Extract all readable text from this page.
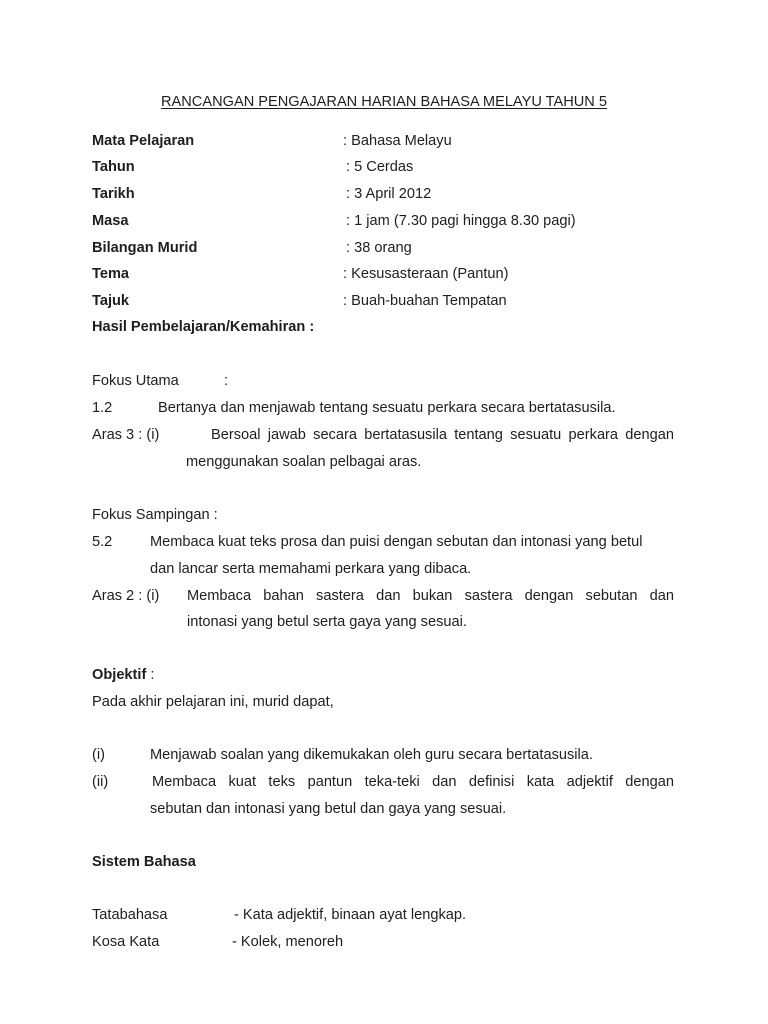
RANCANGAN PENGAJARAN HARIAN BAHASA MELAYU TAHUN 5
Mata Pelajaran	: Bahasa Melayu
Tahun	: 5 Cerdas
Tarikh	: 3 April 2012
Masa	: 1 jam (7.30 pagi hingga 8.30 pagi)
Bilangan Murid	: 38 orang
Tema	: Kesusasteraan (Pantun)
Tajuk	: Buah-buahan Tempatan
Hasil Pembelajaran/Kemahiran :
Fokus Utama	:
1.2	Bertanya dan menjawab tentang sesuatu perkara secara bertatasusila.
Aras 3 : (i)	Bersoal jawab secara bertatasusila tentang sesuatu perkara dengan
menggunakan soalan pelbagai aras.
Fokus Sampingan :
5.2	Membaca kuat teks prosa dan puisi dengan sebutan dan intonasi yang betul
dan lancar serta memahami perkara yang dibaca.
Aras 2 : (i) Membaca bahan sastera dan bukan sastera dengan sebutan dan
intonasi yang betul serta gaya yang sesuai.
Objektif :
Pada akhir pelajaran ini, murid dapat,
(i)	Menjawab soalan yang dikemukakan oleh guru secara bertatasusila.
(ii)	Membaca kuat teks pantun teka-teki dan definisi kata adjektif dengan
sebutan dan intonasi yang betul dan gaya yang sesuai.
Sistem Bahasa
Tatabahasa	- Kata adjektif, binaan ayat lengkap.
Kosa Kata	- Kolek, menoreh
